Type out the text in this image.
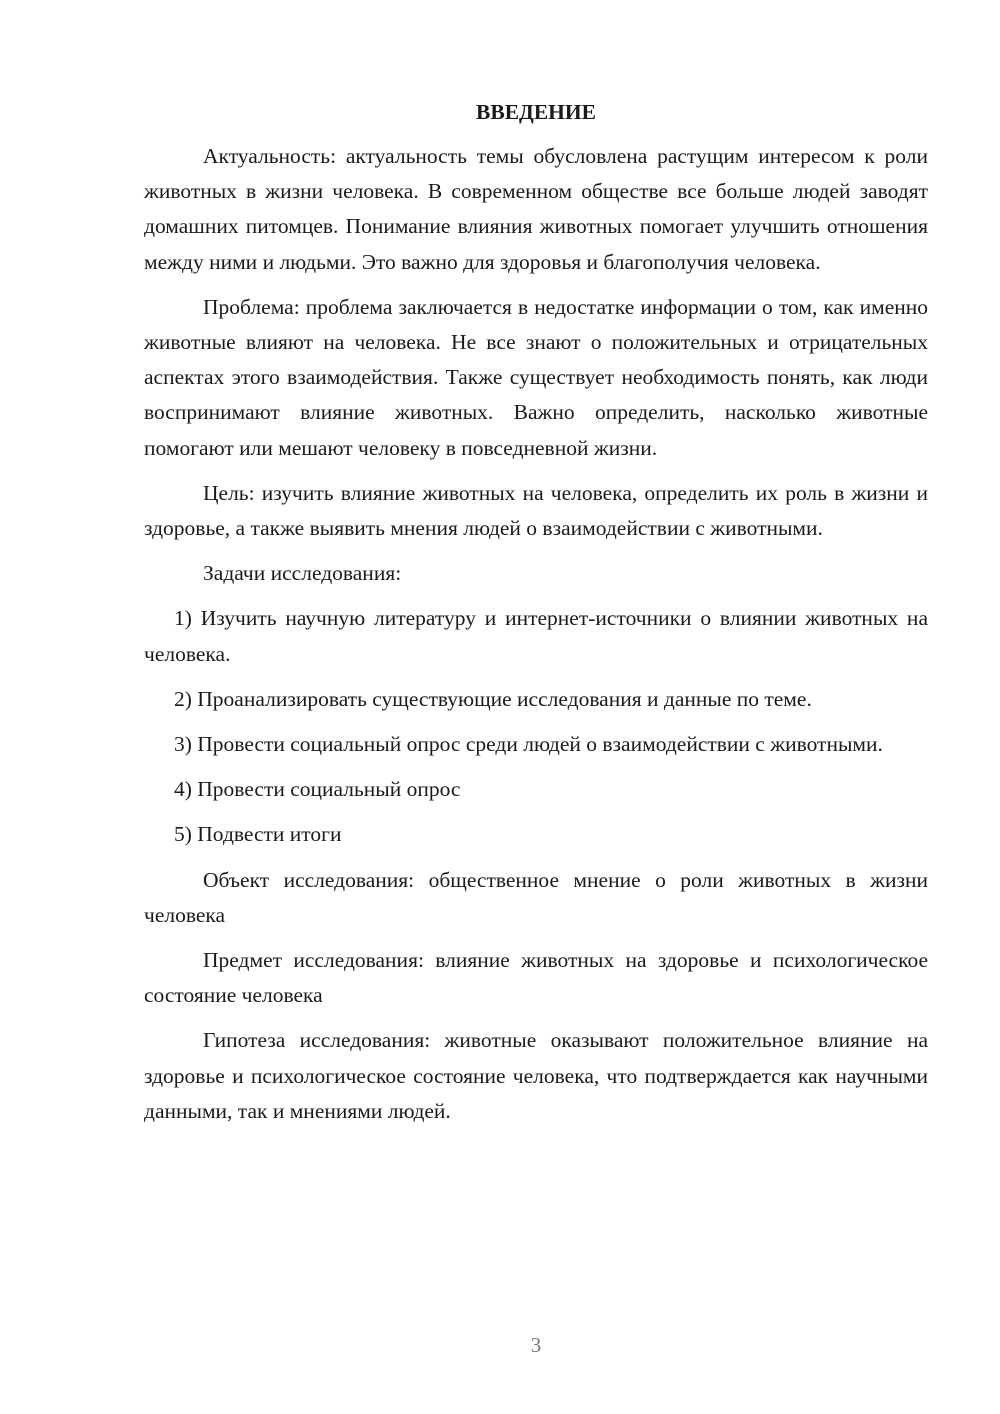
ВВЕДЕНИЕ

Актуальность: актуальность темы обусловлена растущим интересом к роли животных в жизни человека. В современном обществе все больше людей заводят домашних питомцев. Понимание влияния животных помогает улучшить отношения между ними и людьми. Это важно для здоровья и благополучия человека.

Проблема: проблема заключается в недостатке информации о том, как именно животные влияют на человека. Не все знают о положительных и отрицательных аспектах этого взаимодействия. Также существует необходимость понять, как люди воспринимают влияние животных. Важно определить, насколько животные помогают или мешают человеку в повседневной жизни.

Цель: изучить влияние животных на человека, определить их роль в жизни и здоровье, а также выявить мнения людей о взаимодействии с животными.

Задачи исследования:

1) Изучить научную литературу и интернет-источники о влиянии животных на человека.

2) Проанализировать существующие исследования и данные по теме.

3) Провести социальный опрос среди людей о взаимодействии с животными.

4) Провести социальный опрос

5) Подвести итоги

Объект исследования: общественное мнение о роли животных в жизни человека

Предмет исследования: влияние животных на здоровье и психологическое состояние человека

Гипотеза исследования: животные оказывают положительное влияние на здоровье и психологическое состояние человека, что подтверждается как научными данными, так и мнениями людей.

3
